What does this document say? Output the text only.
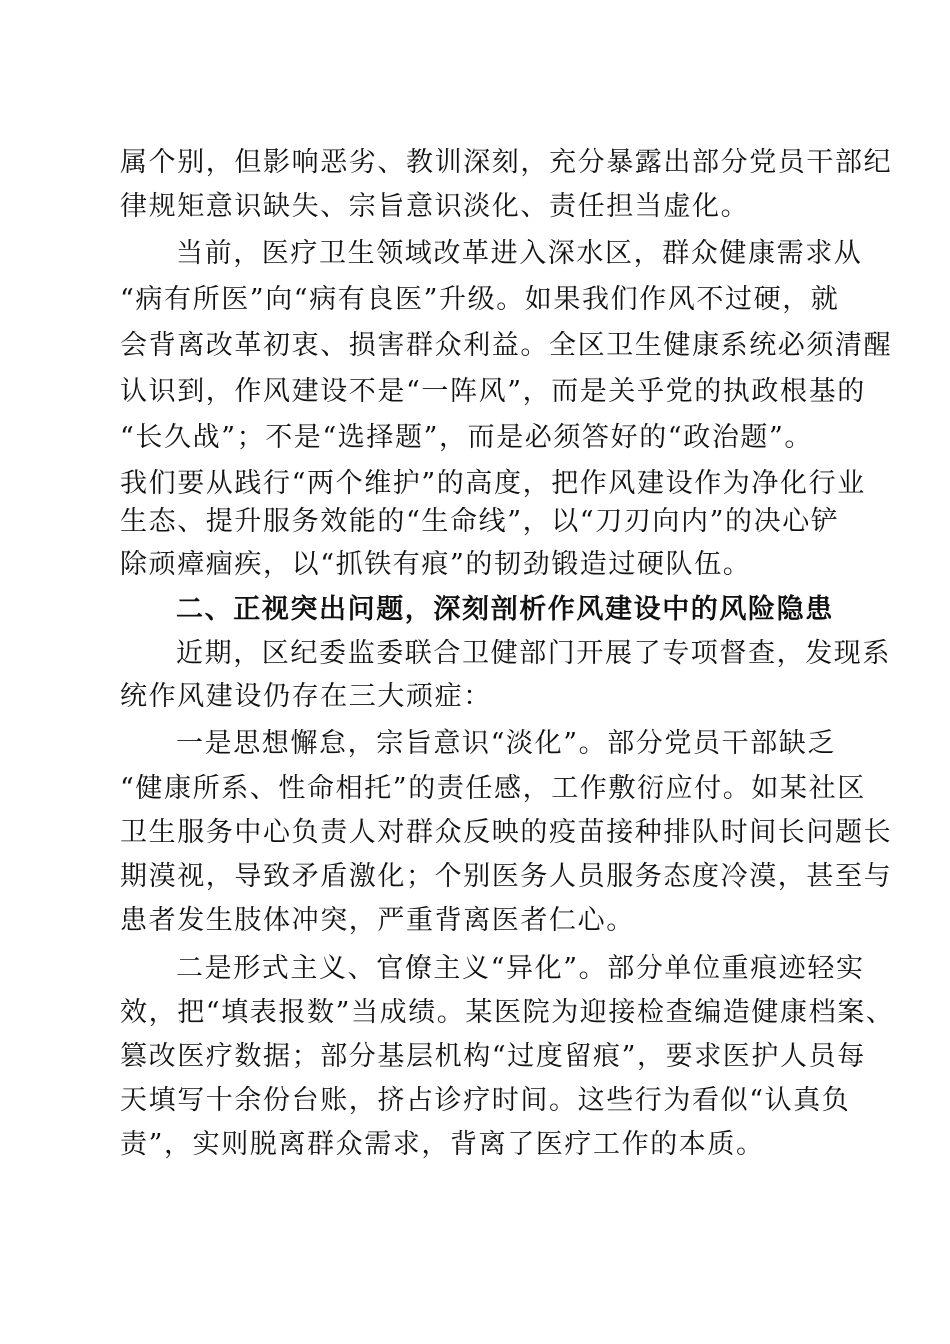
属个别，但影响恶劣、教训深刻，充分暴露出部分党员干部纪
律规矩意识缺失、宗旨意识淡化、责任担当虚化。
当前，医疗卫生领域改革进入深水区，群众健康需求从
“病有所医”向“病有良医”升级。如果我们作风不过硬，就
会背离改革初衷、损害群众利益。全区卫生健康系统必须清醒
认识到，作风建设不是“一阵风”，而是关乎党的执政根基的
“长久战”；不是“选择题”，而是必须答好的“政治题”。
我们要从践行“两个维护”的高度，把作风建设作为净化行业
生态、提升服务效能的“生命线”，以“刀刃向内”的决心铲
除顽瘴痼疾，以“抓铁有痕”的韧劲锻造过硬队伍。
二、正视突出问题，深刻剖析作风建设中的风险隐患
近期，区纪委监委联合卫健部门开展了专项督查，发现系
统作风建设仍存在三大顽症：
一是思想懈怠，宗旨意识“淡化”。部分党员干部缺乏
“健康所系、性命相托”的责任感，工作敷衍应付。如某社区
卫生服务中心负责人对群众反映的疫苗接种排队时间长问题长
期漠视，导致矛盾激化；个别医务人员服务态度冷漠，甚至与
患者发生肢体冲突，严重背离医者仁心。
二是形式主义、官僚主义“异化”。部分单位重痕迹轻实
效，把“填表报数”当成绩。某医院为迎接检查编造健康档案、
篡改医疗数据；部分基层机构“过度留痕”，要求医护人员每
天填写十余份台账，挤占诊疗时间。这些行为看似“认真负
责”，实则脱离群众需求，背离了医疗工作的本质。
